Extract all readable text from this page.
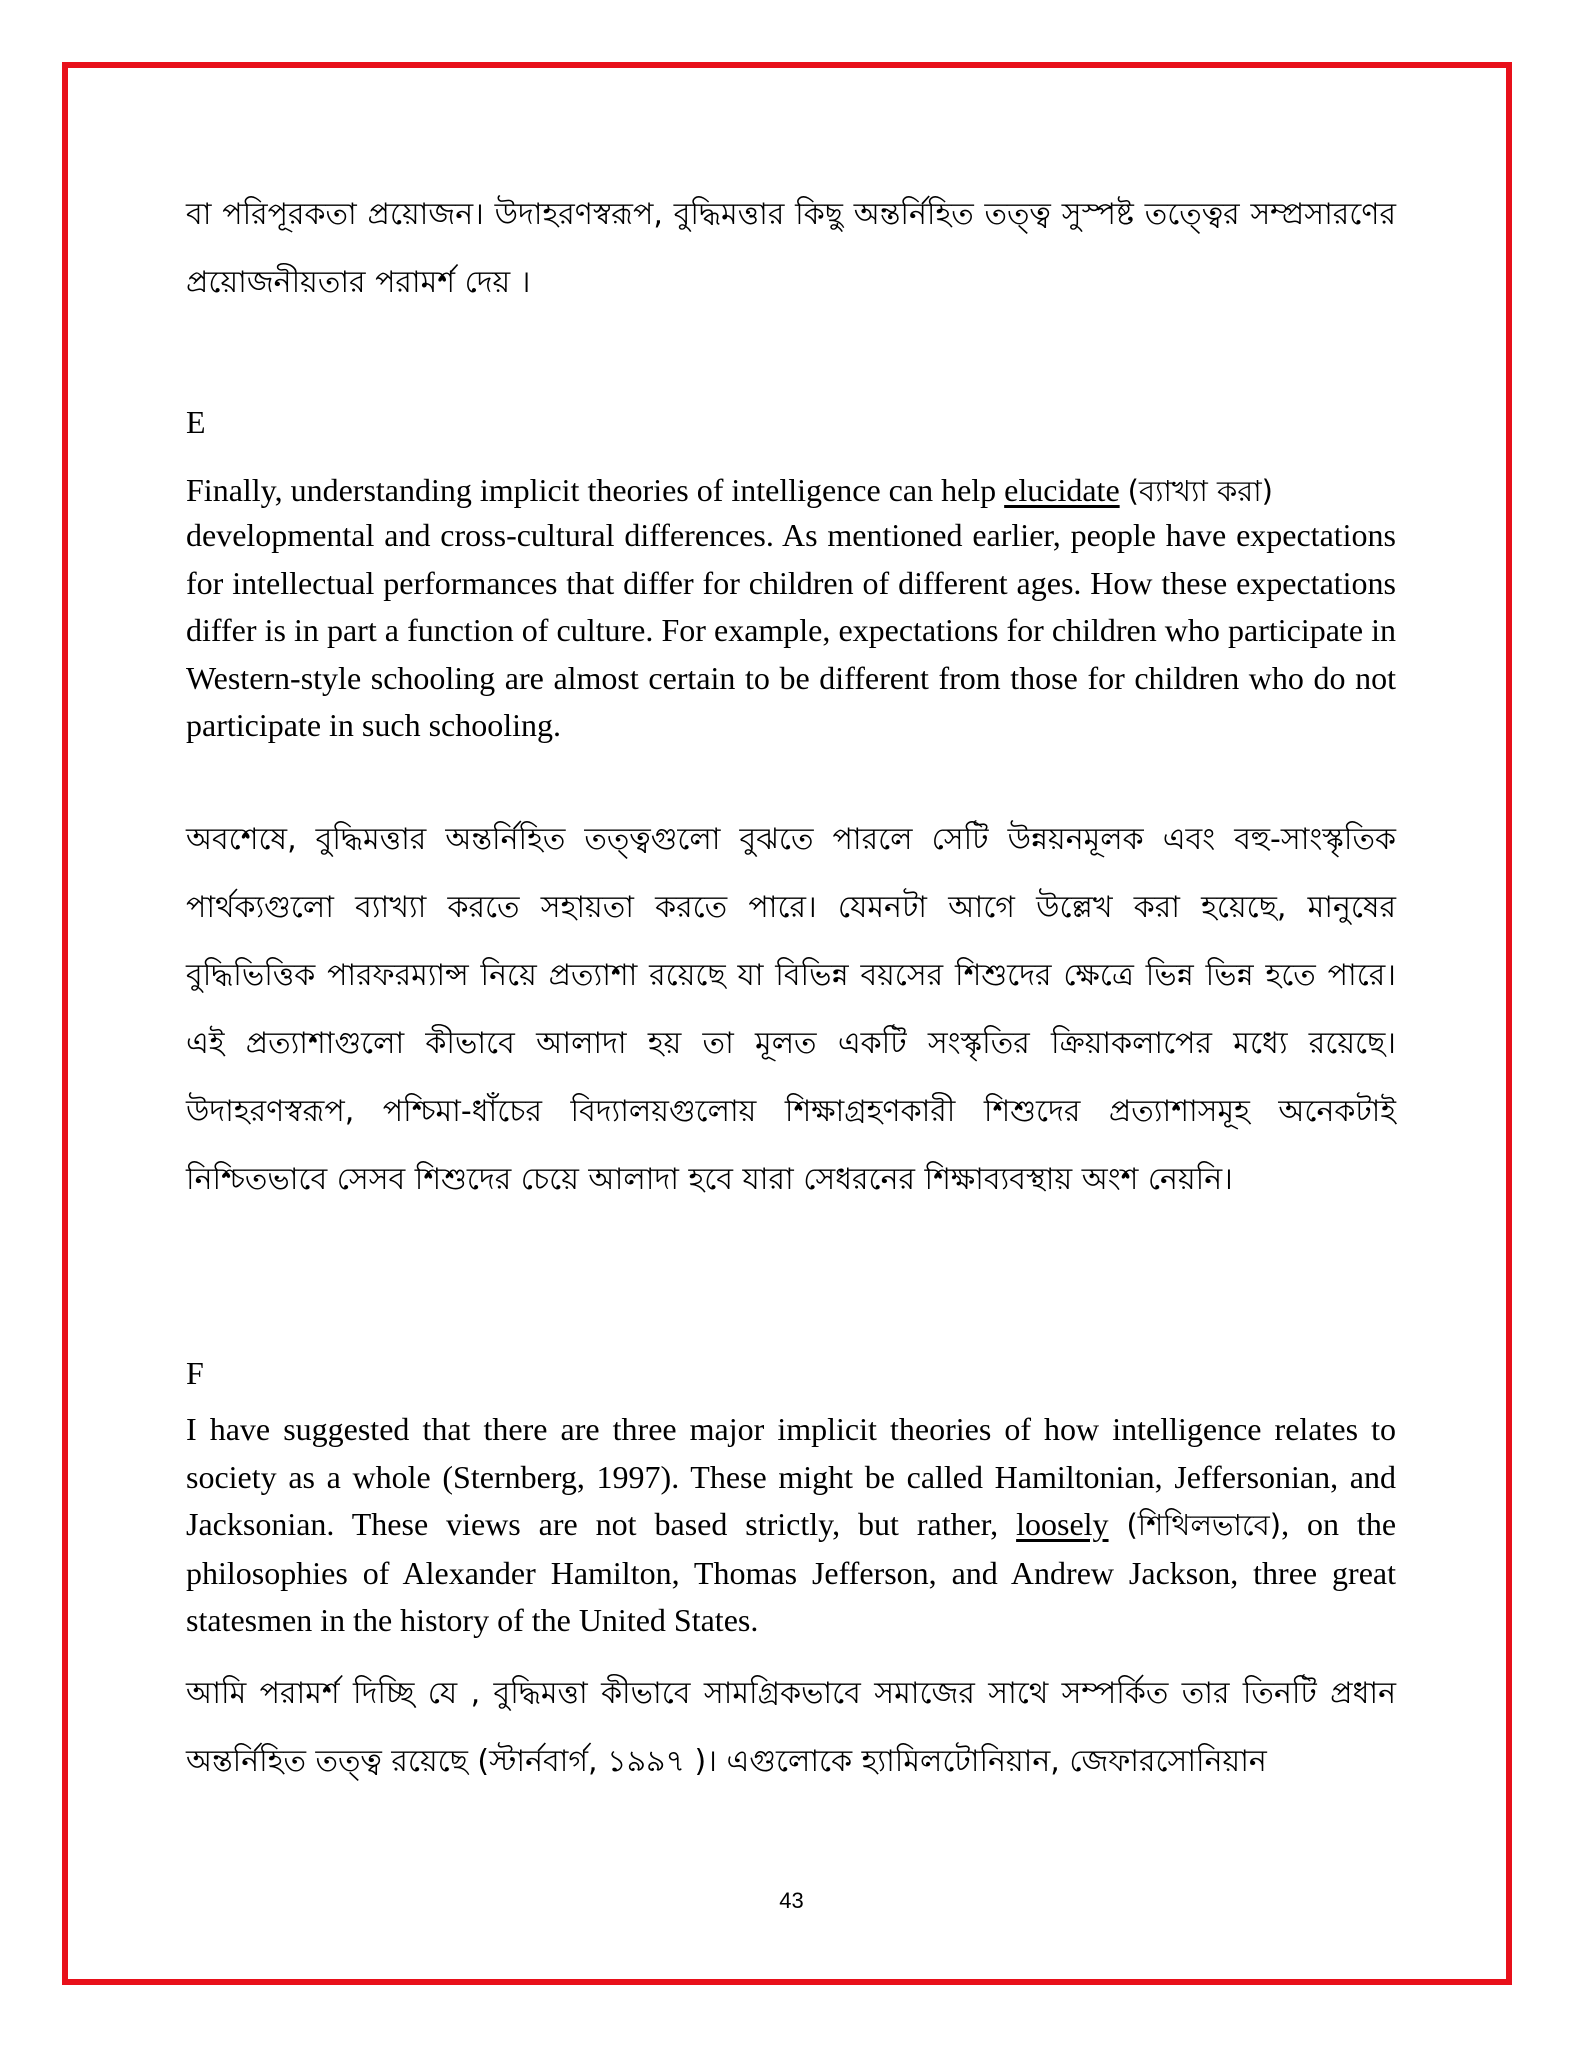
বা পরিপূরকতা প্রয়োজন। উদাহরণস্বরূপ, বুদ্ধিমত্তার কিছু অন্তর্নিহিত তত্ত্ব সুস্পষ্ট তত্ত্বের সম্প্রসারণের প্রয়োজনীয়তার পরামর্শ দেয় ।

E

Finally, understanding implicit theories of intelligence can help elucidate (ব্যাখ্যা করা)

developmental and cross-cultural differences. As mentioned earlier, people have expectations for intellectual performances that differ for children of different ages. How these expectations differ is in part a function of culture. For example, expectations for children who participate in Western-style schooling are almost certain to be different from those for children who do not participate in such schooling.

অবশেষে, বুদ্ধিমত্তার অন্তর্নিহিত তত্ত্বগুলো বুঝতে পারলে সেটি উন্নয়নমূলক এবং বহু-সাংস্কৃতিক পার্থক্যগুলো ব্যাখ্যা করতে সহায়তা করতে পারে। যেমনটা আগে উল্লেখ করা হয়েছে, মানুষের বুদ্ধিভিত্তিক পারফরম্যান্স নিয়ে প্রত্যাশা রয়েছে যা বিভিন্ন বয়সের শিশুদের ক্ষেত্রে ভিন্ন ভিন্ন হতে পারে। এই প্রত্যাশাগুলো কীভাবে আলাদা হয় তা মূলত একটি সংস্কৃতির ক্রিয়াকলাপের মধ্যে রয়েছে। উদাহরণস্বরূপ, পশ্চিমা-ধাঁচের বিদ্যালয়গুলোয় শিক্ষাগ্রহণকারী শিশুদের প্রত্যাশাসমূহ অনেকটাই নিশ্চিতভাবে সেসব শিশুদের চেয়ে আলাদা হবে যারা সেধরনের শিক্ষাব্যবস্থায় অংশ নেয়নি।

F

I have suggested that there are three major implicit theories of how intelligence relates to society as a whole (Sternberg, 1997). These might be called Hamiltonian, Jeffersonian, and Jacksonian. These views are not based strictly, but rather, loosely (শিথিলভাবে), on the philosophies of Alexander Hamilton, Thomas Jefferson, and Andrew Jackson, three great statesmen in the history of the United States.

আমি পরামর্শ দিচ্ছি যে , বুদ্ধিমত্তা কীভাবে সামগ্রিকভাবে সমাজের সাথে সম্পর্কিত তার তিনটি প্রধান অন্তর্নিহিত তত্ত্ব রয়েছে (স্টার্নবার্গ, ১৯৯৭ )। এগুলোকে হ্যামিলটোনিয়ান, জেফারসোনিয়ান

43
